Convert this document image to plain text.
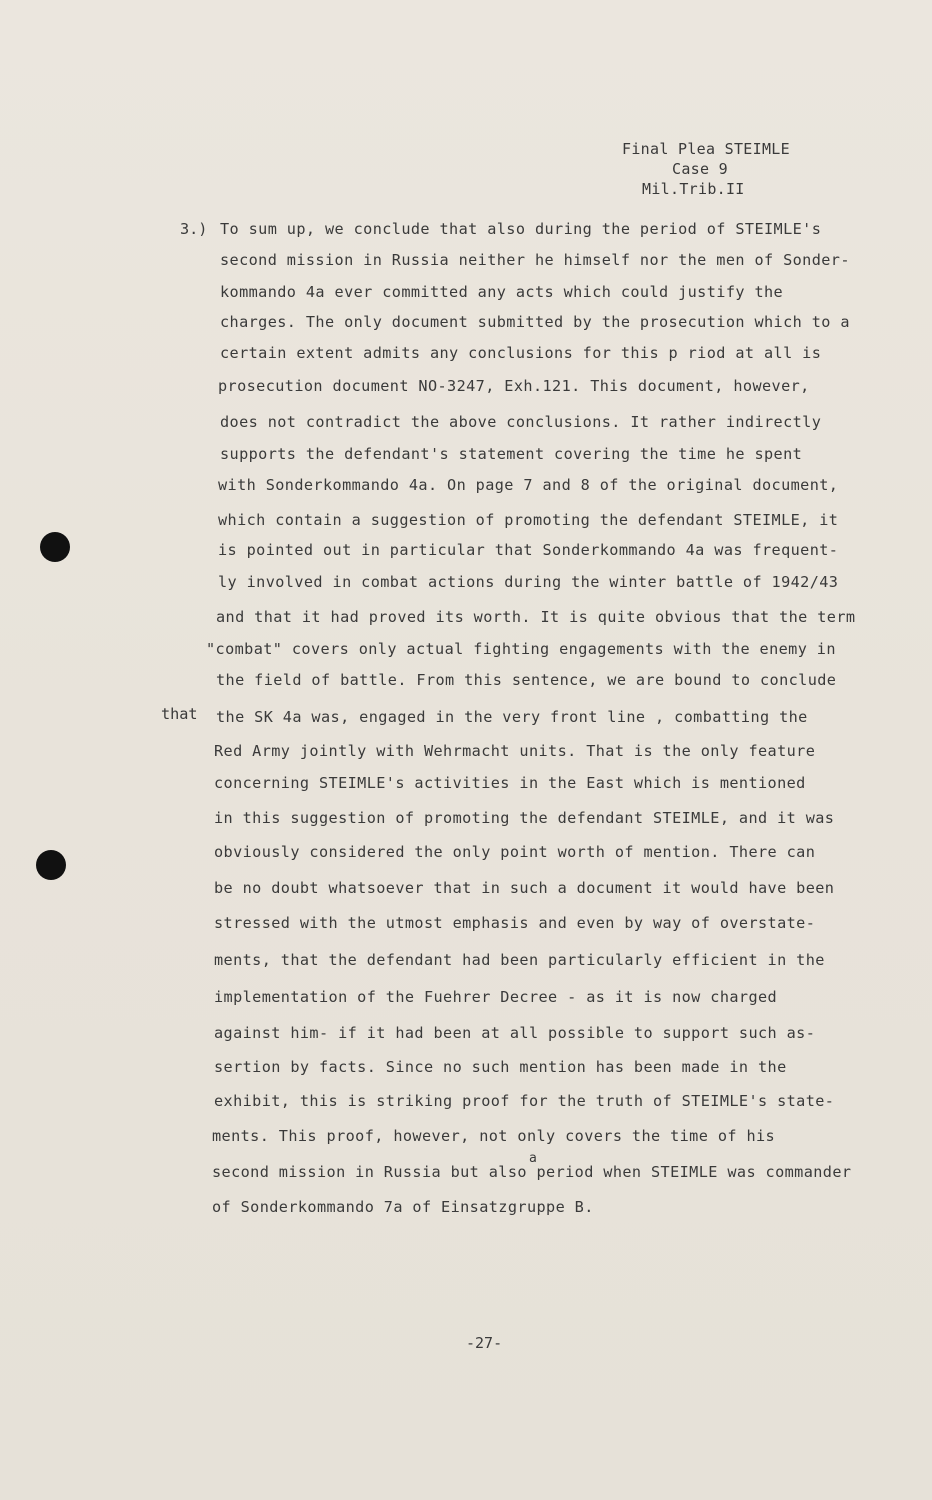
Final Plea STEIMLE
Case 9
Mil.Trib.II
3.)
that
a
To sum up, we conclude that also during the period of STEIMLE's
second mission in Russia neither he himself nor the men of Sonder-
kommando 4a ever committed any acts which could justify the
charges. The only document submitted by the prosecution which to a
certain extent admits any conclusions for this p riod at all is
prosecution document NO-3247, Exh.121. This document, however,
does not contradict the above conclusions. It rather indirectly
supports the defendant's statement covering the time he spent
with Sonderkommando 4a. On page 7 and 8 of the original document,
which contain a suggestion of promoting the defendant STEIMLE, it
is pointed out in particular that Sonderkommando 4a was frequent-
ly involved in combat actions during the winter battle of 1942/43
and that it had proved its worth. It is quite obvious that the term
"combat" covers only actual fighting engagements with the enemy in
the field of battle. From this sentence, we are bound to conclude
the SK 4a was, engaged in the very front line , combatting the
Red Army jointly with Wehrmacht units. That is the only feature
concerning STEIMLE's activities in the East which is mentioned
in this suggestion of promoting the defendant STEIMLE, and it was
obviously considered the only point worth of mention. There can
be no doubt whatsoever that in such a document it would have been
stressed with the utmost emphasis and even by way of overstate-
ments, that the defendant had been particularly efficient in the
implementation of the Fuehrer Decree - as it is now charged
against him- if it had been at all possible to support such as-
sertion by facts. Since no such mention has been made in the
exhibit, this is striking proof for the truth of STEIMLE's state-
ments. This proof, however, not only covers the time of his
second mission in Russia but also period when STEIMLE was commander
of Sonderkommando 7a of Einsatzgruppe B.
-27-
